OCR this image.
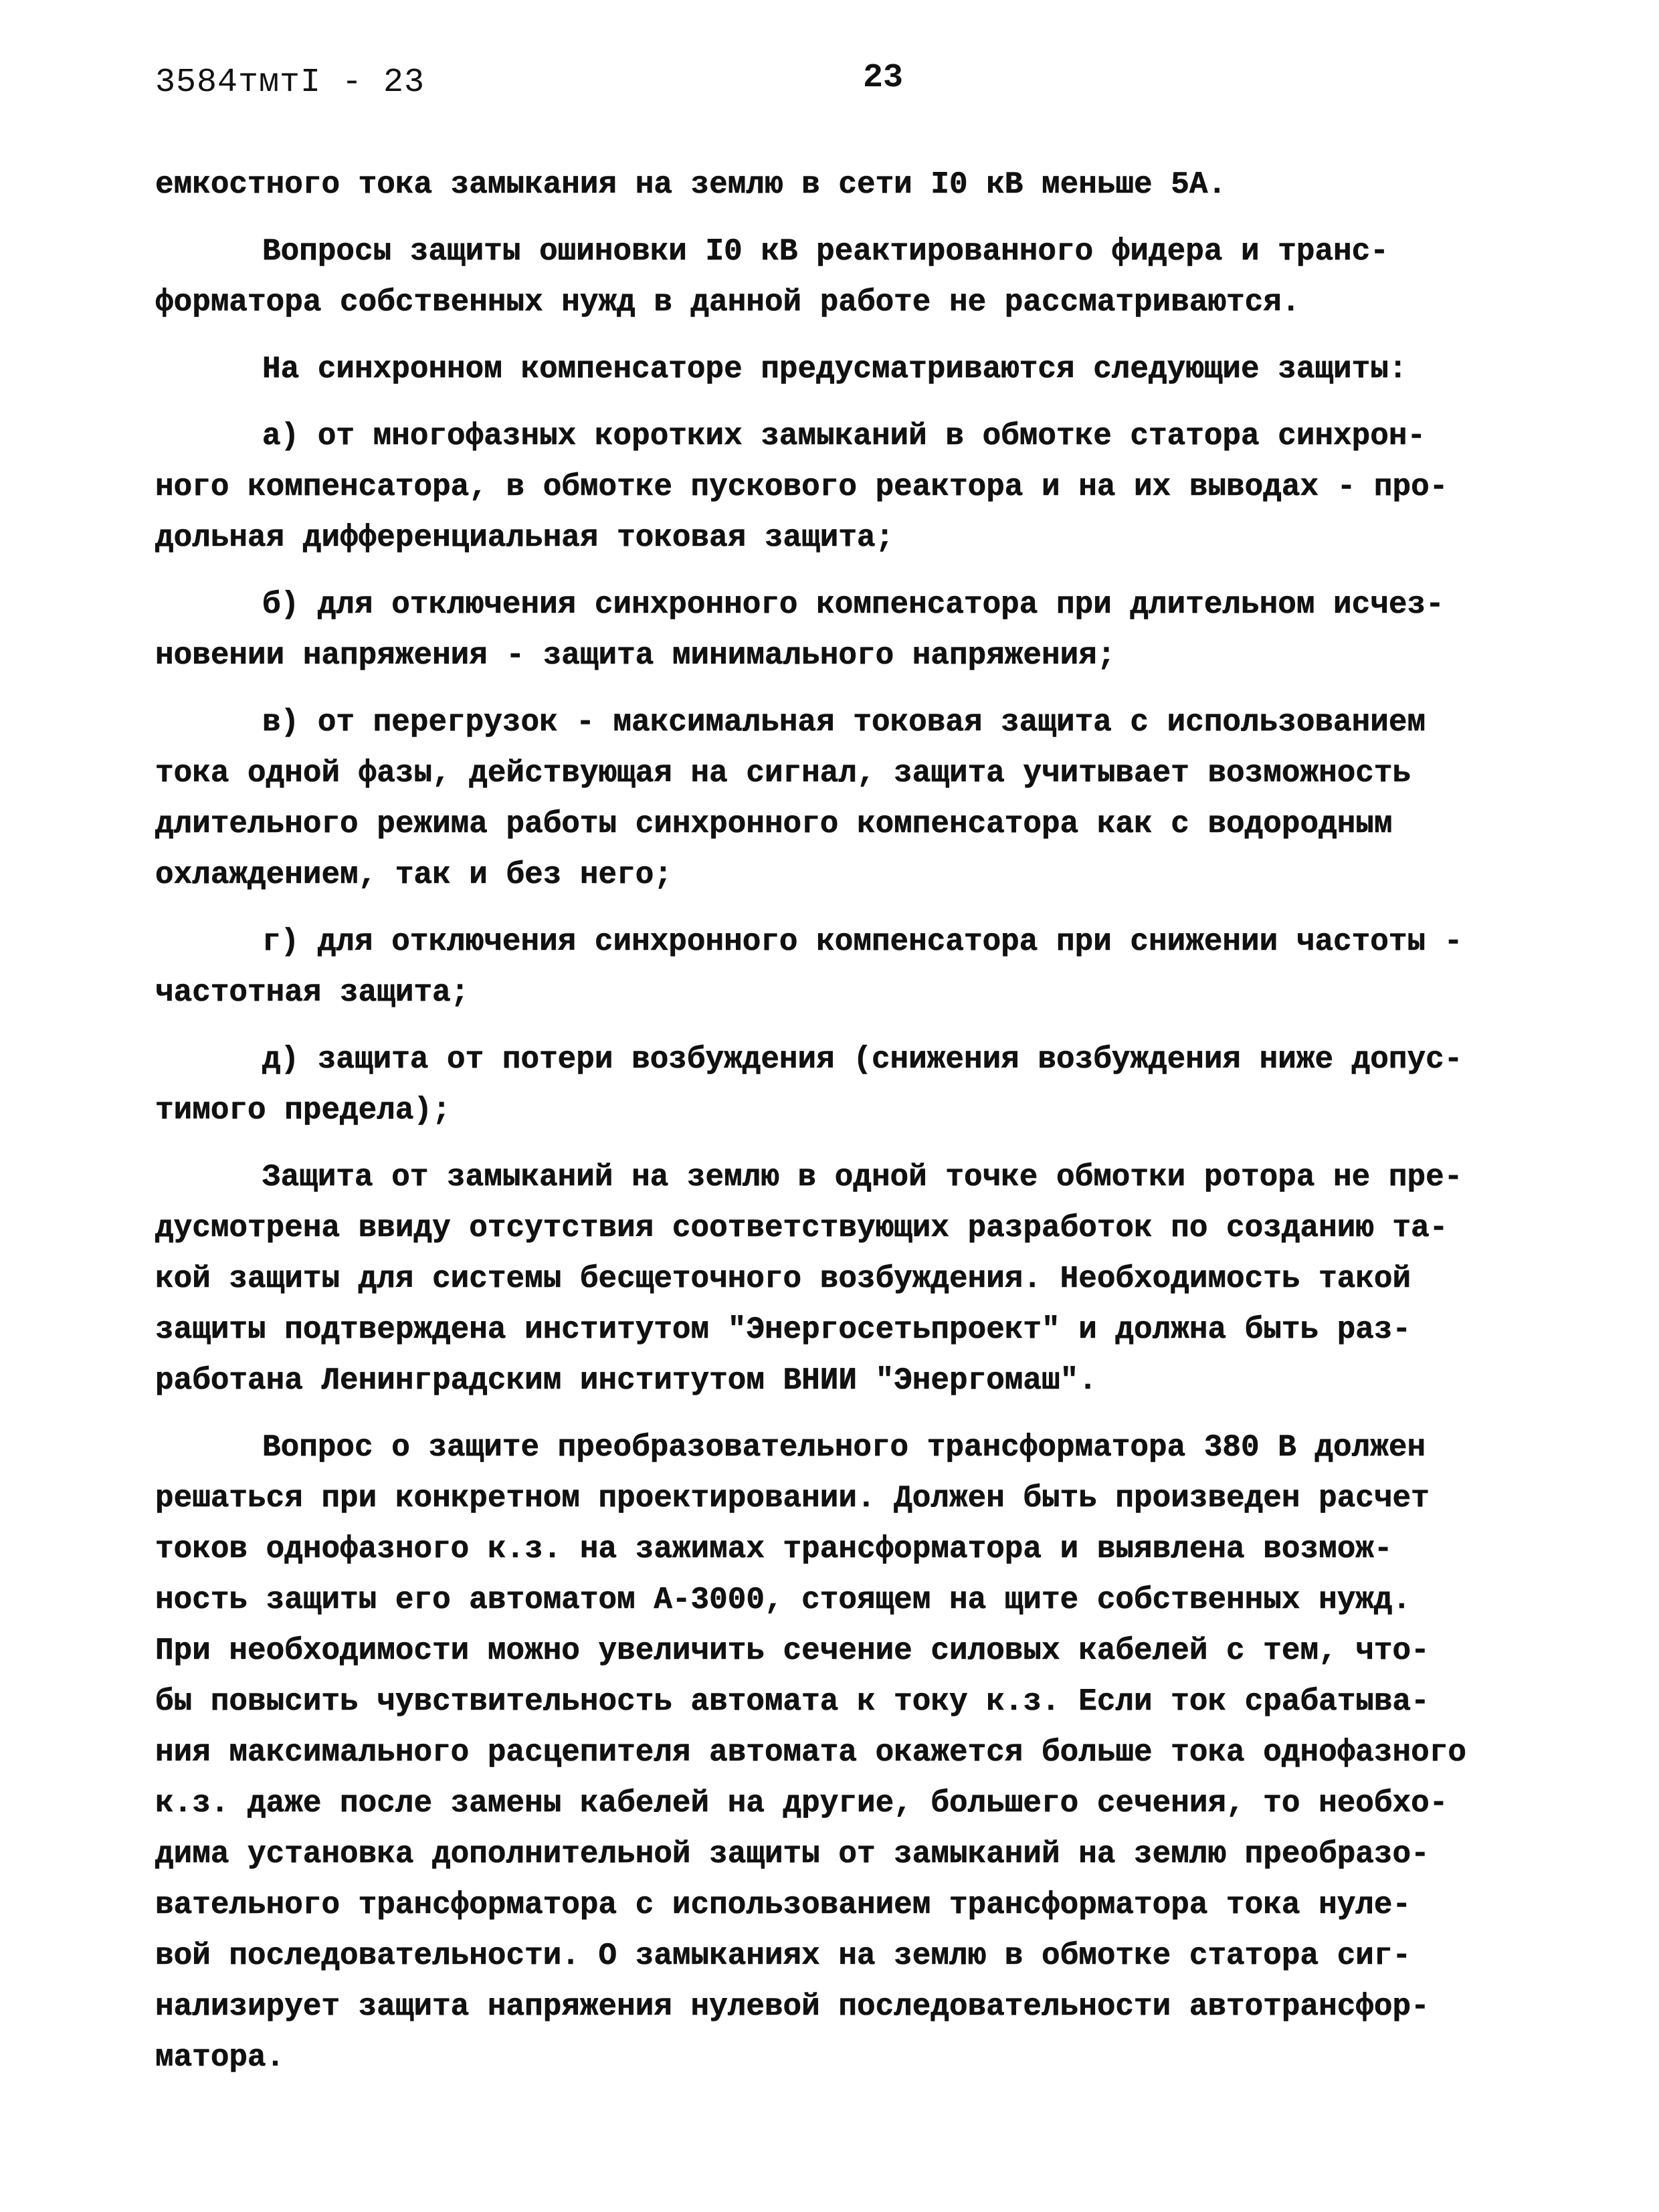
3584тмтI - 23	23
емкостного тока замыкания на землю в сети I0 кВ меньше 5А.
Вопросы защиты ошиновки I0 кВ реактированного фидера и транс-
форматора собственных нужд в данной работе не рассматриваются.
На синхронном компенсаторе предусматриваются следующие защиты:
а) от многофазных коротких замыканий в обмотке статора синхрон-
ного компенсатора, в обмотке пускового реактора и на их выводах - про-
дольная дифференциальная токовая защита;
б) для отключения синхронного компенсатора при длительном исчез-
новении напряжения - защита минимального напряжения;
в) от перегрузок - максимальная токовая защита с использованием
тока одной фазы, действующая на сигнал, защита учитывает возможность
длительного режима работы синхронного компенсатора как с водородным
охлаждением, так и без него;
г) для отключения синхронного компенсатора при снижении частоты -
частотная защита;
д) защита от потери возбуждения (снижения возбуждения ниже допус-
тимого предела);
Защита от замыканий на землю в одной точке обмотки ротора не пре-
дусмотрена ввиду отсутствия соответствующих разработок по созданию та-
кой защиты для системы бесщеточного возбуждения. Необходимость такой
защиты подтверждена институтом "Энергосетьпроект" и должна быть раз-
работана Ленинградским институтом ВНИИ "Энергомаш".
Вопрос о защите преобразовательного трансформатора 380 В должен
решаться при конкретном проектировании. Должен быть произведен расчет
токов однофазного к.з. на зажимах трансформатора и выявлена возмож-
ность защиты его автоматом А-3000, стоящем на щите собственных нужд.
При необходимости можно увеличить сечение силовых кабелей с тем, что-
бы повысить чувствительность автомата к току к.з. Если ток срабатыва-
ния максимального расцепителя автомата окажется больше тока однофазного
к.з. даже после замены кабелей на другие, большего сечения, то необхо-
дима установка дополнительной защиты от замыканий на землю преобразо-
вательного трансформатора с использованием трансформатора тока нуле-
вой последовательности. О замыканиях на землю в обмотке статора сиг-
нализирует защита напряжения нулевой последовательности автотрансфор-
матора.
